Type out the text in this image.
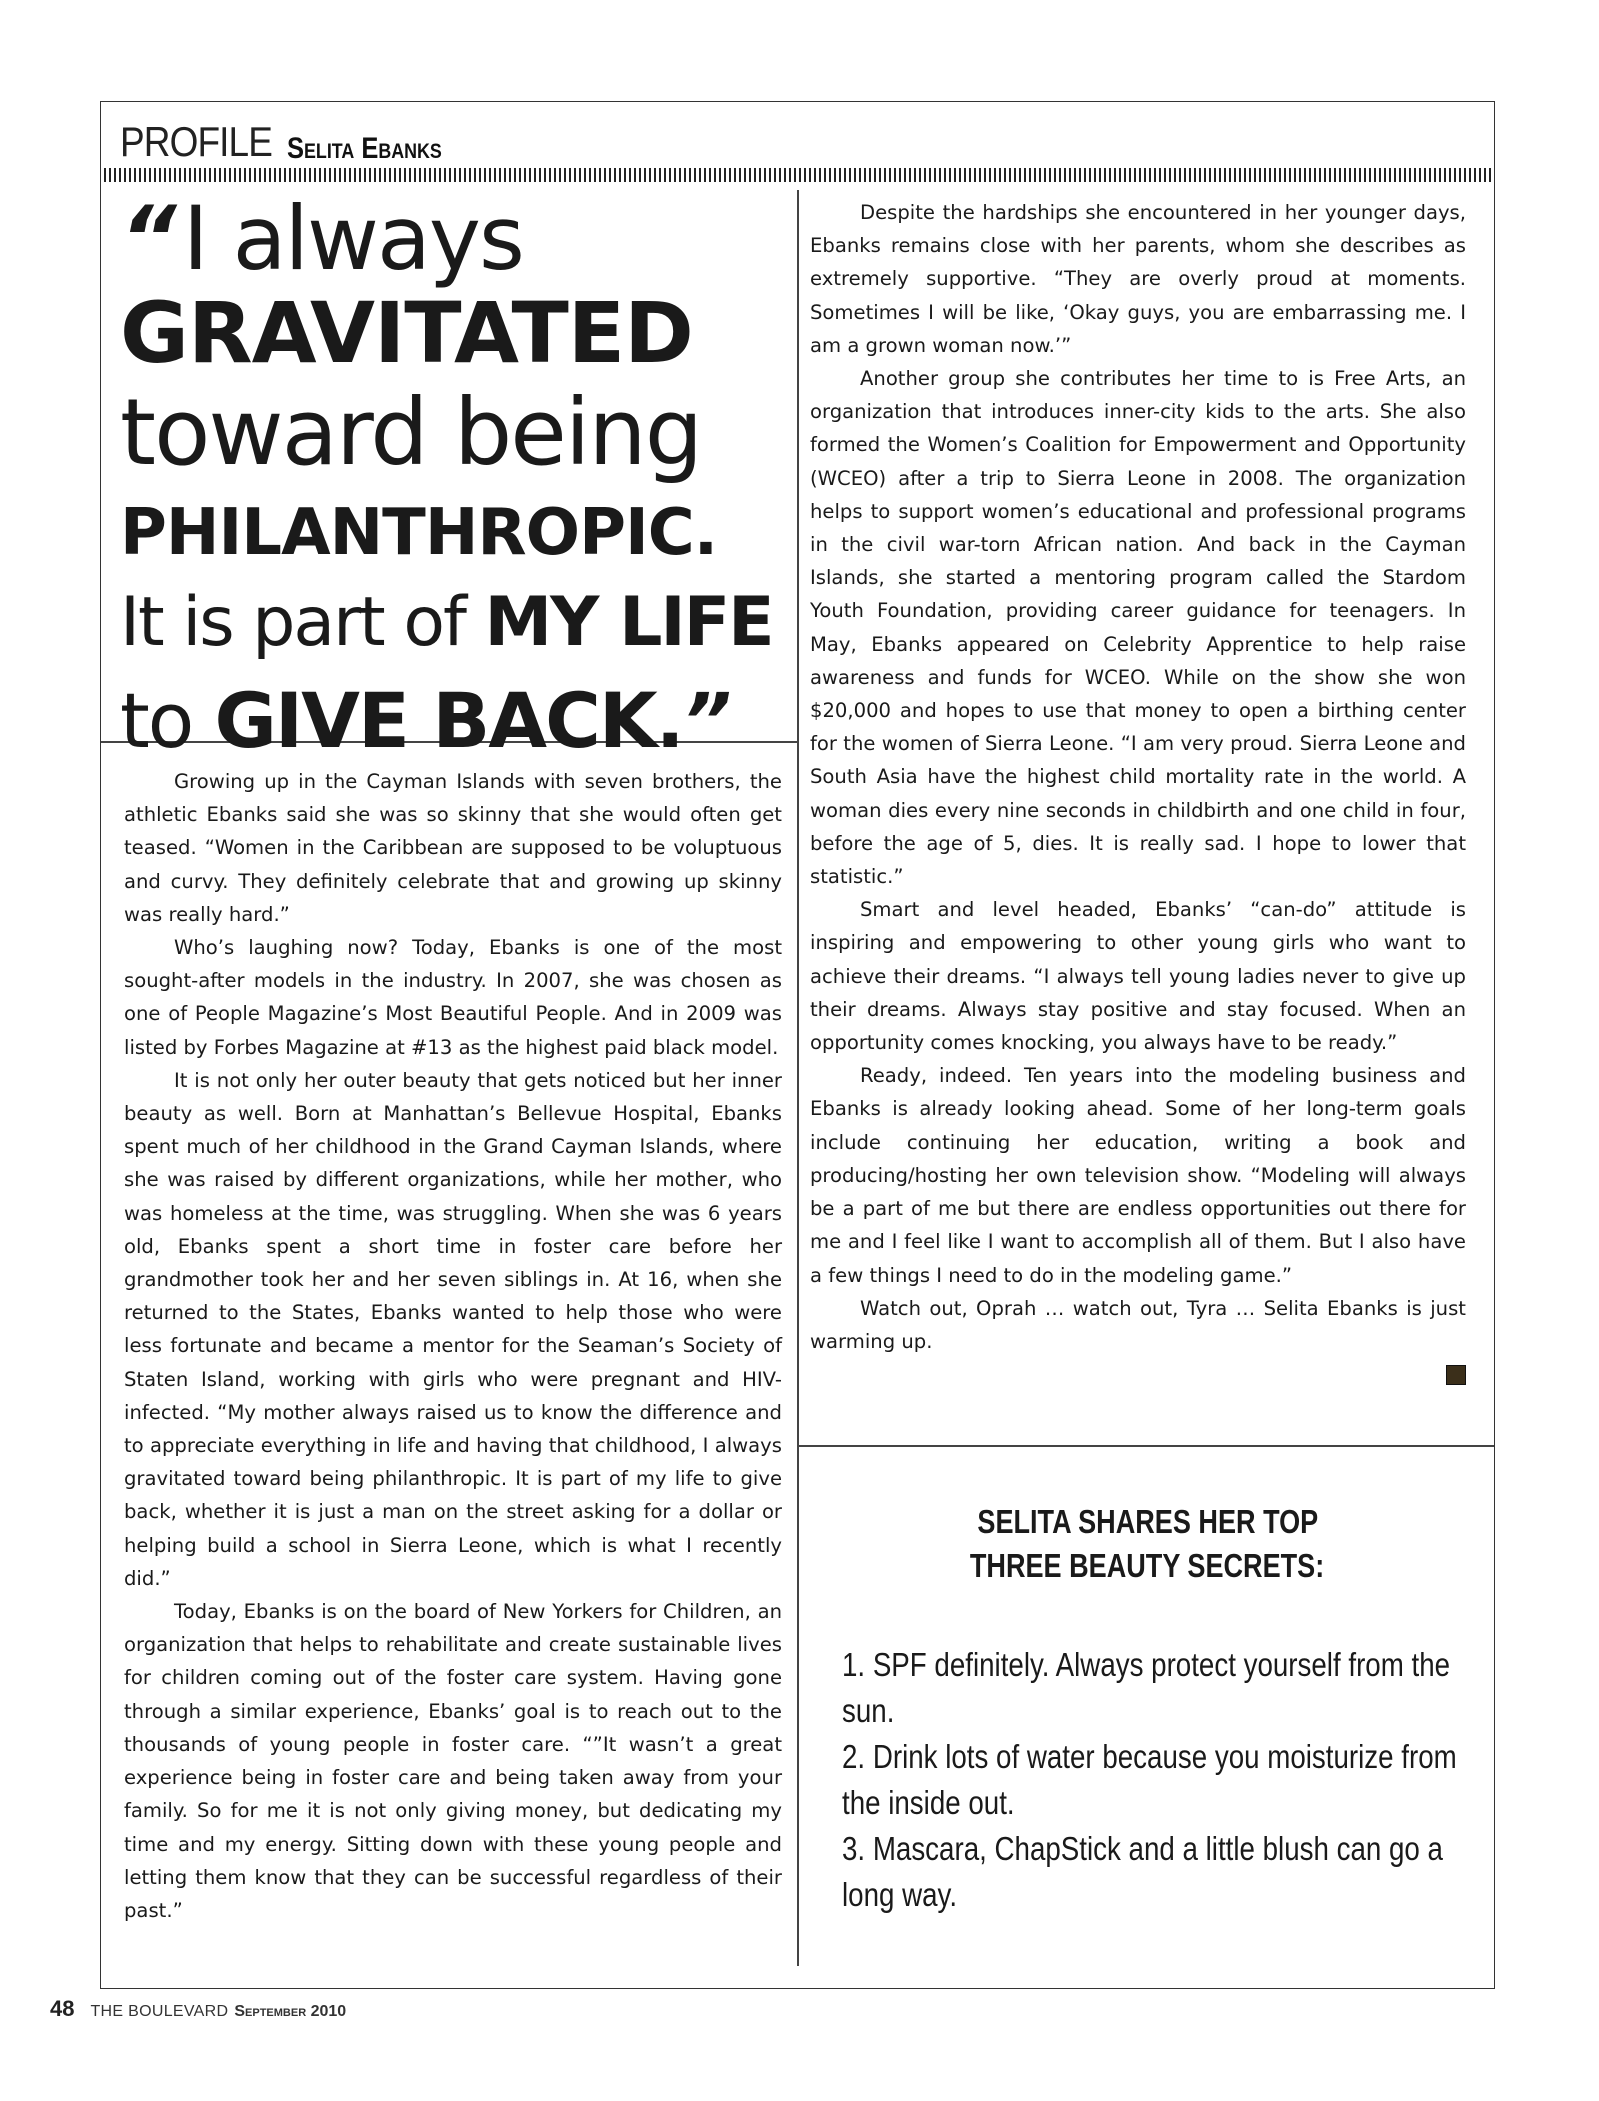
PROFILE Selita Ebanks
“ I always
GRAVITATED
toward being
PHILANTHROPIC.
It is part of MY LIFE
to GIVE BACK.”

Growing up in the Cayman Islands with seven brothers, the athletic Ebanks said she was so skinny that she would often get teased. “Women in the Caribbean are supposed to be voluptuous and curvy. They definitely celebrate that and growing up skinny was really hard.”

Who’s laughing now? Today, Ebanks is one of the most sought-after models in the industry. In 2007, she was chosen as one of People Magazine’s Most Beautiful People. And in 2009 was listed by Forbes Magazine at #13 as the highest paid black model.

It is not only her outer beauty that gets noticed but her inner beauty as well. Born at Manhattan’s Bellevue Hospital, Ebanks spent much of her childhood in the Grand Cayman Islands, where she was raised by different organizations, while her mother, who was homeless at the time, was struggling. When she was 6 years old, Ebanks spent a short time in foster care before her grandmother took her and her seven siblings in. At 16, when she returned to the States, Ebanks wanted to help those who were less fortunate and became a mentor for the Seaman’s Society of Staten Island, working with girls who were pregnant and HIV-infected. “My mother always raised us to know the difference and to appreciate everything in life and having that childhood, I always gravitated toward being philanthropic. It is part of my life to give back, whether it is just a man on the street asking for a dollar or helping build a school in Sierra Leone, which is what I recently did.”

Today, Ebanks is on the board of New Yorkers for Children, an organization that helps to rehabilitate and create sustainable lives for children coming out of the foster care system. Having gone through a similar experience, Ebanks’ goal is to reach out to the thousands of young people in foster care. “”It wasn’t a great experience being in foster care and being taken away from your family. So for me it is not only giving money, but dedicating my time and my energy. Sitting down with these young people and letting them know that they can be successful regardless of their past.”

Despite the hardships she encountered in her younger days, Ebanks remains close with her parents, whom she describes as extremely supportive. “They are overly proud at moments. Sometimes I will be like, ‘Okay guys, you are embarrassing me. I am a grown woman now.’”

Another group she contributes her time to is Free Arts, an organization that introduces inner-city kids to the arts. She also formed the Women’s Coalition for Empowerment and Opportunity (WCEO) after a trip to Sierra Leone in 2008. The organization helps to support women’s educational and professional programs in the civil war-torn African nation. And back in the Cayman Islands, she started a mentoring program called the Stardom Youth Foundation, providing career guidance for teenagers. In May, Ebanks appeared on Celebrity Apprentice to help raise awareness and funds for WCEO. While on the show she won $20,000 and hopes to use that money to open a birthing center for the women of Sierra Leone. “I am very proud. Sierra Leone and South Asia have the highest child mortality rate in the world. A woman dies every nine seconds in childbirth and one child in four, before the age of 5, dies. It is really sad. I hope to lower that statistic.”

Smart and level headed, Ebanks’ “can-do” attitude is inspiring and empowering to other young girls who want to achieve their dreams. “I always tell young ladies never to give up their dreams. Always stay positive and stay focused. When an opportunity comes knocking, you always have to be ready.”

Ready, indeed. Ten years into the modeling business and Ebanks is already looking ahead. Some of her long-term goals include continuing her education, writing a book and producing/hosting her own television show. “Modeling will always be a part of me but there are endless opportunities out there for me and I feel like I want to accomplish all of them. But I also have a few things I need to do in the modeling game.”

Watch out, Oprah … watch out, Tyra … Selita Ebanks is just warming up.

SELITA SHARES HER TOP
THREE BEAUTY SECRETS:
1. SPF definitely. Always protect yourself from the sun.
2. Drink lots of water because you moisturize from the inside out.
3. Mascara, ChapStick and a little blush can go a long way.
48 THE BOULEVARD September 2010
